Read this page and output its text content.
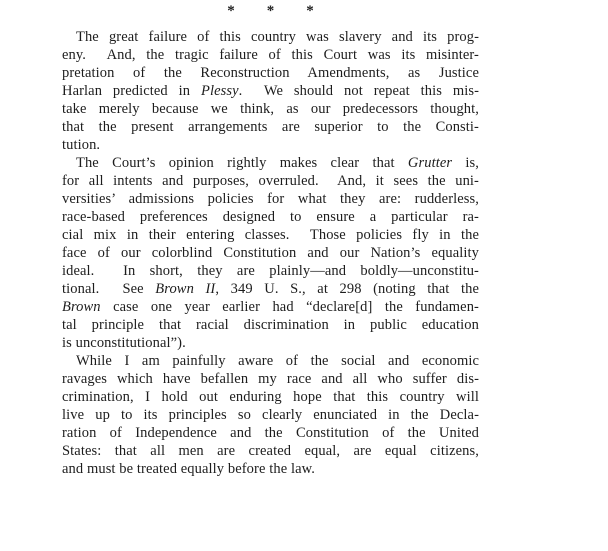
* * *
The great failure of this country was slavery and its prog-
eny.  And, the tragic failure of this Court was its misinter-
pretation of the Reconstruction Amendments, as Justice
Harlan predicted in Plessy.  We should not repeat this mis-
take merely because we think, as our predecessors thought,
that the present arrangements are superior to the Consti-
tution.
The Court’s opinion rightly makes clear that Grutter is,
for all intents and purposes, overruled.  And, it sees the uni-
versities’ admissions policies for what they are: rudderless,
race-based preferences designed to ensure a particular ra-
cial mix in their entering classes.  Those policies fly in the
face of our colorblind Constitution and our Nation’s equality
ideal.  In short, they are plainly—and boldly—unconstitu-
tional.  See Brown II, 349 U. S., at 298 (noting that the
Brown case one year earlier had “declare[d] the fundamen-
tal principle that racial discrimination in public education
is unconstitutional”).
While I am painfully aware of the social and economic
ravages which have befallen my race and all who suffer dis-
crimination, I hold out enduring hope that this country will
live up to its principles so clearly enunciated in the Decla-
ration of Independence and the Constitution of the United
States: that all men are created equal, are equal citizens,
and must be treated equally before the law.
